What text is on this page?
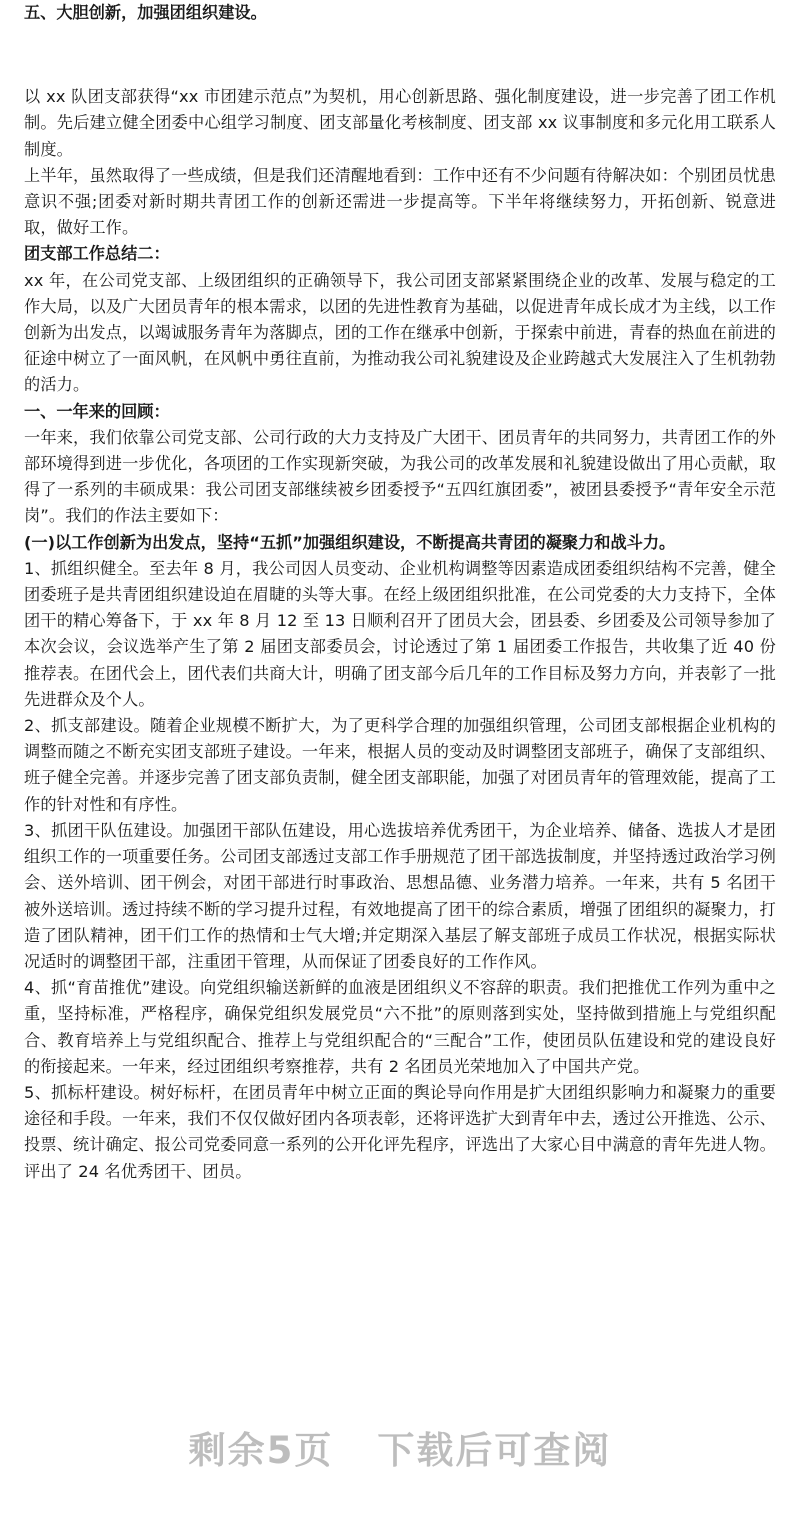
五、大胆创新，加强团组织建设。

以 xx 队团支部获得“xx 市团建示范点”为契机，用心创新思路、强化制度建设，进一步完善了团工作机制。先后建立健全团委中心组学习制度、团支部量化考核制度、团支部 xx 议事制度和多元化用工联系人制度。

上半年，虽然取得了一些成绩，但是我们还清醒地看到：工作中还有不少问题有待解决如：个别团员忧患意识不强;团委对新时期共青团工作的创新还需进一步提高等。下半年将继续努力，开拓创新、锐意进取，做好工作。

团支部工作总结二：

xx 年，在公司党支部、上级团组织的正确领导下，我公司团支部紧紧围绕企业的改革、发展与稳定的工作大局，以及广大团员青年的根本需求，以团的先进性教育为基础，以促进青年成长成才为主线，以工作创新为出发点，以竭诚服务青年为落脚点，团的工作在继承中创新，于探索中前进，青春的热血在前进的征途中树立了一面风帆，在风帆中勇往直前，为推动我公司礼貌建设及企业跨越式大发展注入了生机勃勃的活力。

一、一年来的回顾：

一年来，我们依靠公司党支部、公司行政的大力支持及广大团干、团员青年的共同努力，共青团工作的外部环境得到进一步优化，各项团的工作实现新突破，为我公司的改革发展和礼貌建设做出了用心贡献，取得了一系列的丰硕成果：我公司团支部继续被乡团委授予“五四红旗团委”，被团县委授予“青年安全示范岗”。我们的作法主要如下：

(一)以工作创新为出发点，坚持“五抓”加强组织建设，不断提高共青团的凝聚力和战斗力。

1、抓组织健全。至去年 8 月，我公司因人员变动、企业机构调整等因素造成团委组织结构不完善，健全团委班子是共青团组织建设迫在眉睫的头等大事。在经上级团组织批准，在公司党委的大力支持下，全体团干的精心筹备下，于 xx 年 8 月 12 至 13 日顺利召开了团员大会，团县委、乡团委及公司领导参加了本次会议，会议选举产生了第 2 届团支部委员会，讨论透过了第 1 届团委工作报告，共收集了近 40 份推荐表。在团代会上，团代表们共商大计，明确了团支部今后几年的工作目标及努力方向，并表彰了一批先进群众及个人。

2、抓支部建设。随着企业规模不断扩大，为了更科学合理的加强组织管理，公司团支部根据企业机构的调整而随之不断充实团支部班子建设。一年来，根据人员的变动及时调整团支部班子，确保了支部组织、班子健全完善。并逐步完善了团支部负责制，健全团支部职能，加强了对团员青年的管理效能，提高了工作的针对性和有序性。

3、抓团干队伍建设。加强团干部队伍建设，用心选拔培养优秀团干，为企业培养、储备、选拔人才是团组织工作的一项重要任务。公司团支部透过支部工作手册规范了团干部选拔制度，并坚持透过政治学习例会、送外培训、团干例会，对团干部进行时事政治、思想品德、业务潜力培养。一年来，共有 5 名团干被外送培训。透过持续不断的学习提升过程，有效地提高了团干的综合素质，增强了团组织的凝聚力，打造了团队精神，团干们工作的热情和士气大增;并定期深入基层了解支部班子成员工作状况，根据实际状况适时的调整团干部，注重团干管理，从而保证了团委良好的工作作风。

4、抓“育苗推优”建设。向党组织输送新鲜的血液是团组织义不容辞的职责。我们把推优工作列为重中之重，坚持标准，严格程序，确保党组织发展党员“六不批”的原则落到实处，坚持做到措施上与党组织配合、教育培养上与党组织配合、推荐上与党组织配合的“三配合”工作，使团员队伍建设和党的建设良好的衔接起来。一年来，经过团组织考察推荐，共有 2 名团员光荣地加入了中国共产党。

5、抓标杆建设。树好标杆，在团员青年中树立正面的舆论导向作用是扩大团组织影响力和凝聚力的重要途径和手段。一年来，我们不仅仅做好团内各项表彰，还将评选扩大到青年中去，透过公开推选、公示、投票、统计确定、报公司党委同意一系列的公开化评先程序，评选出了大家心目中满意的青年先进人物。评出了 24 名优秀团干、团员。

剩余5页 下载后可查阅
